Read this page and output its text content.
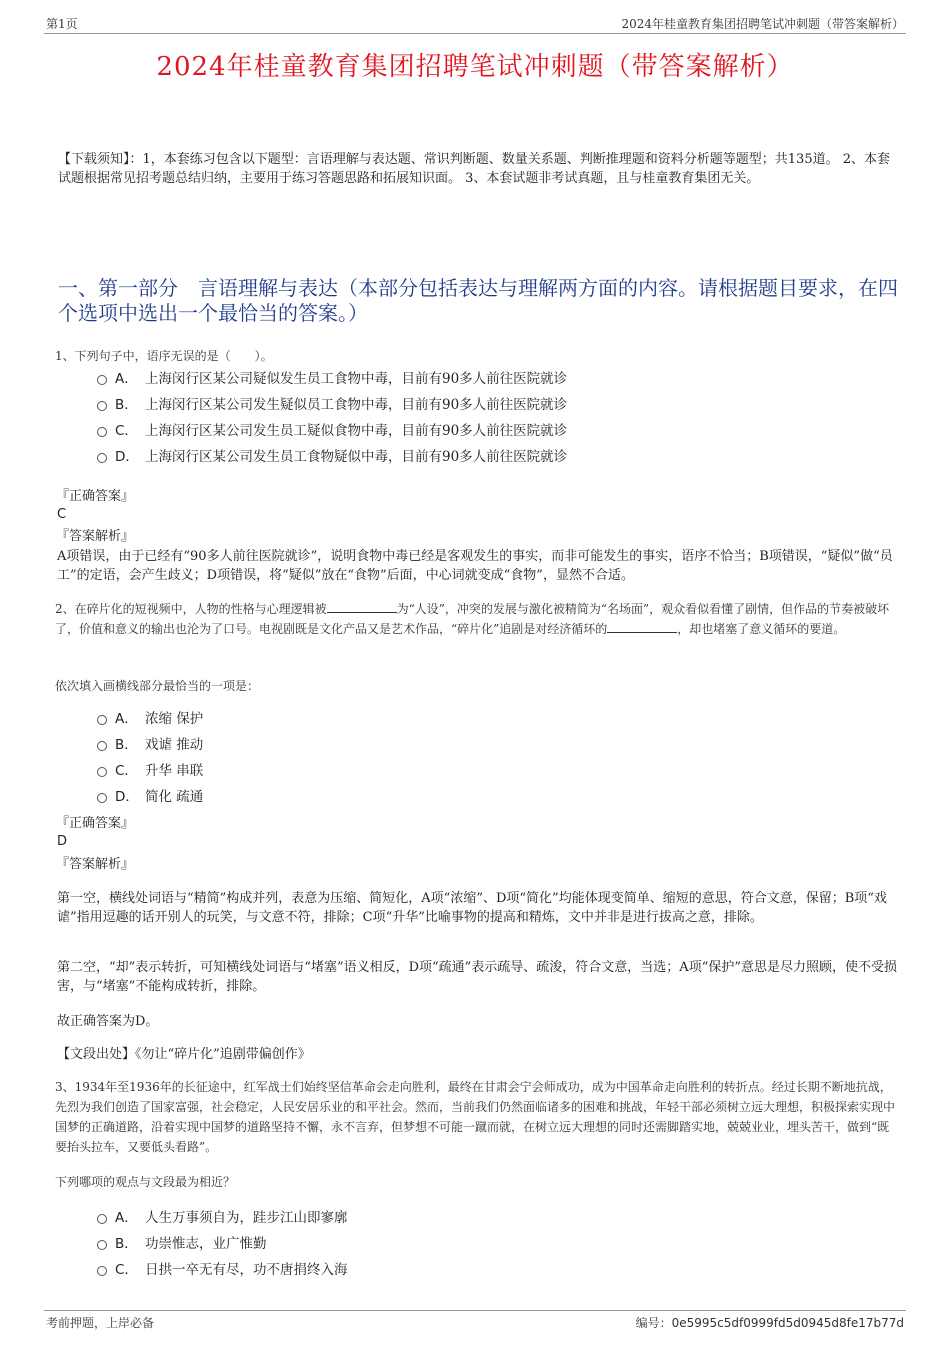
第1页	2024年桂童教育集团招聘笔试冲刺题（带答案解析）
2024年桂童教育集团招聘笔试冲刺题（带答案解析）
【下载须知】：1，本套练习包含以下题型：言语理解与表达题、常识判断题、数量关系题、判断推理题和资料分析题等题型；共135道。 2、本套试题根据常见招考题总结归纳，主要用于练习答题思路和拓展知识面。 3、本套试题非考试真题，且与桂童教育集团无关。
一、第一部分　言语理解与表达（本部分包括表达与理解两方面的内容。请根据题目要求，在四个选项中选出一个最恰当的答案。）
1、下列句子中，语序无误的是（　　）。
A． 上海闵行区某公司疑似发生员工食物中毒，目前有90多人前往医院就诊
B． 上海闵行区某公司发生疑似员工食物中毒，目前有90多人前往医院就诊
C． 上海闵行区某公司发生员工疑似食物中毒，目前有90多人前往医院就诊
D． 上海闵行区某公司发生员工食物疑似中毒，目前有90多人前往医院就诊
『正确答案』
C
『答案解析』
A项错误，由于已经有“90多人前往医院就诊”，说明食物中毒已经是客观发生的事实，而非可能发生的事实，语序不恰当；B项错误，“疑似”做“员工”的定语，会产生歧义；D项错误，将“疑似”放在“食物”后面，中心词就变成“食物”，显然不合适。
2、在碎片化的短视频中，人物的性格与心理逻辑被	为“人设”，冲突的发展与激化被精简为“名场面”，观众看似看懂了剧情，但作品的节奏被破坏了，价值和意义的输出也沦为了口号。电视剧既是文化产品又是艺术作品，“碎片化”追剧是对经济循环的	，却也堵塞了意义循环的要道。
依次填入画横线部分最恰当的一项是：
A． 浓缩 保护
B． 戏谑 推动
C． 升华 串联
D． 简化 疏通
『正确答案』
D
『答案解析』
第一空，横线处词语与“精简”构成并列，表意为压缩、简短化，A项“浓缩”、D项“简化”均能体现变简单、缩短的意思，符合文意，保留；B项“戏谑”指用逗趣的话开别人的玩笑，与文意不符，排除；C项“升华”比喻事物的提高和精炼，文中并非是进行拔高之意，排除。
第二空，“却”表示转折，可知横线处词语与“堵塞”语义相反，D项“疏通”表示疏导、疏浚，符合文意，当选；A项“保护”意思是尽力照顾，使不受损害，与“堵塞”不能构成转折，排除。
故正确答案为D。
【文段出处】《勿让“碎片化”追剧带偏创作》
3、1934年至1936年的长征途中，红军战士们始终坚信革命会走向胜利，最终在甘肃会宁会师成功，成为中国革命走向胜利的转折点。经过长期不断地抗战，先烈为我们创造了国家富强，社会稳定，人民安居乐业的和平社会。然而，当前我们仍然面临诸多的困难和挑战，年轻干部必须树立远大理想，积极探索实现中国梦的正确道路，沿着实现中国梦的道路坚持不懈，永不言弃，但梦想不可能一蹴而就，在树立远大理想的同时还需脚踏实地，兢兢业业，埋头苦干，做到“既要抬头拉车，又要低头看路”。
下列哪项的观点与文段最为相近？
A． 人生万事须自为，跬步江山即寥廓
B． 功崇惟志，业广惟勤
C． 日拱一卒无有尽，功不唐捐终入海
考前押题，上岸必备	编号：0e5995c5df0999fd5d0945d8fe17b77d
